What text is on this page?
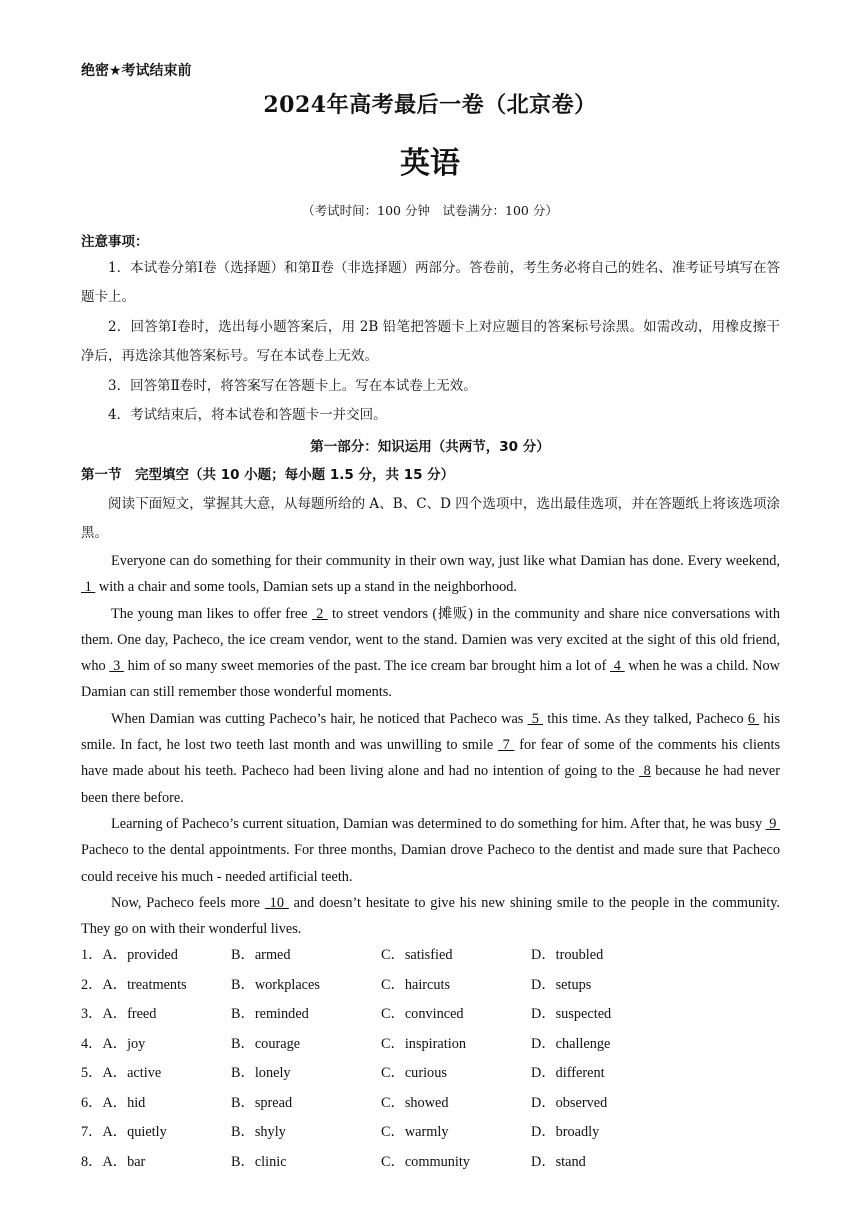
绝密★考试结束前
2024年高考最后一卷（北京卷）
英语
（考试时间：100 分钟　试卷满分：100 分）
注意事项：
1．本试卷分第Ⅰ卷（选择题）和第Ⅱ卷（非选择题）两部分。答卷前，考生务必将自己的姓名、准考证号填写在答题卡上。
2．回答第Ⅰ卷时，选出每小题答案后，用 2B 铅笔把答题卡上对应题目的答案标号涂黑。如需改动，用橡皮擦干净后，再选涂其他答案标号。写在本试卷上无效。
3．回答第Ⅱ卷时，将答案写在答题卡上。写在本试卷上无效。
4．考试结束后，将本试卷和答题卡一并交回。
第一部分：知识运用（共两节，30 分）
第一节　完型填空（共 10 小题；每小题 1.5 分，共 15 分）
阅读下面短文，掌握其大意，从每题所给的 A、B、C、D 四个选项中，选出最佳选项，并在答题纸上将该选项涂黑。

Everyone can do something for their community in their own way, just like what Damian has done. Every weekend,  1  with a chair and some tools, Damian sets up a stand in the neighborhood.

The young man likes to offer free  2  to street vendors (摊贩) in the community and share nice conversations with them. One day, Pacheco, the ice cream vendor, went to the stand. Damien was very excited at the sight of this old friend, who  3  him of so many sweet memories of the past. The ice cream bar brought him a lot of  4  when he was a child. Now Damian can still remember those wonderful moments.

When Damian was cutting Pacheco’s hair, he noticed that Pacheco was  5  this time. As they talked, Pacheco 6  his smile. In fact, he lost two teeth last month and was unwilling to smile  7  for fear of some of the comments his clients have made about his teeth. Pacheco had been living alone and had no intention of going to the  8 because he had never been there before.

Learning of Pacheco’s current situation, Damian was determined to do something for him. After that, he was busy  9  Pacheco to the dental appointments. For three months, Damian drove Pacheco to the dentist and made sure that Pacheco could receive his much - needed artificial teeth.

Now, Pacheco feels more  10  and doesn’t hesitate to give his new shining smile to the people in the community. They go on with their wonderful lives.

1．A．provided	B．armed	C．satisfied	D．troubled
2．A．treatments	B．workplaces	C．haircuts	D．setups
3．A．freed	B．reminded	C．convinced	D．suspected
4．A．joy	B．courage	C．inspiration	D．challenge
5．A．active	B．lonely	C．curious	D．different
6．A．hid	B．spread	C．showed	D．observed
7．A．quietly	B．shyly	C．warmly	D．broadly
8．A．bar	B．clinic	C．community	D．stand
